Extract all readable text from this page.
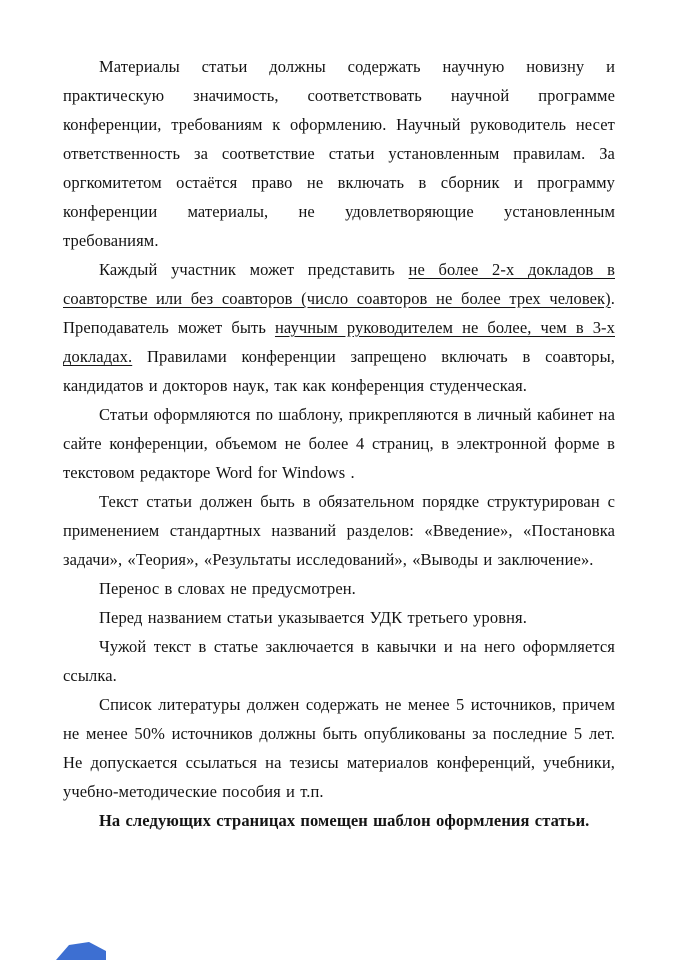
Материалы статьи должны содержать научную новизну и практическую значимость, соответствовать научной программе конференции, требованиям к оформлению. Научный руководитель несет ответственность за соответствие статьи установленным правилам. За оргкомитетом остаётся право не включать в сборник и программу конференции материалы, не удовлетворяющие установленным требованиям.

Каждый участник может представить не более 2-х докладов в соавторстве или без соавторов (число соавторов не более трех человек). Преподаватель может быть научным руководителем не более, чем в 3-х докладах. Правилами конференции запрещено включать в соавторы, кандидатов и докторов наук, так как конференция студенческая.

Статьи оформляются по шаблону, прикрепляются в личный кабинет на сайте конференции, объемом не более 4 страниц, в электронной форме в текстовом редакторе Word for Windows .

Текст статьи должен быть в обязательном порядке структурирован с применением стандартных названий разделов: «Введение», «Постановка задачи», «Теория», «Результаты исследований», «Выводы и заключение».

Перенос в словах не предусмотрен.

Перед названием статьи указывается УДК третьего уровня.

Чужой текст в статье заключается в кавычки и на него оформляется ссылка.

Список литературы должен содержать не менее 5 источников, причем не менее 50% источников должны быть опубликованы за последние 5 лет. Не допускается ссылаться на тезисы материалов конференций, учебники, учебно-методические пособия и т.п.

На следующих страницах помещен шаблон оформления статьи.
